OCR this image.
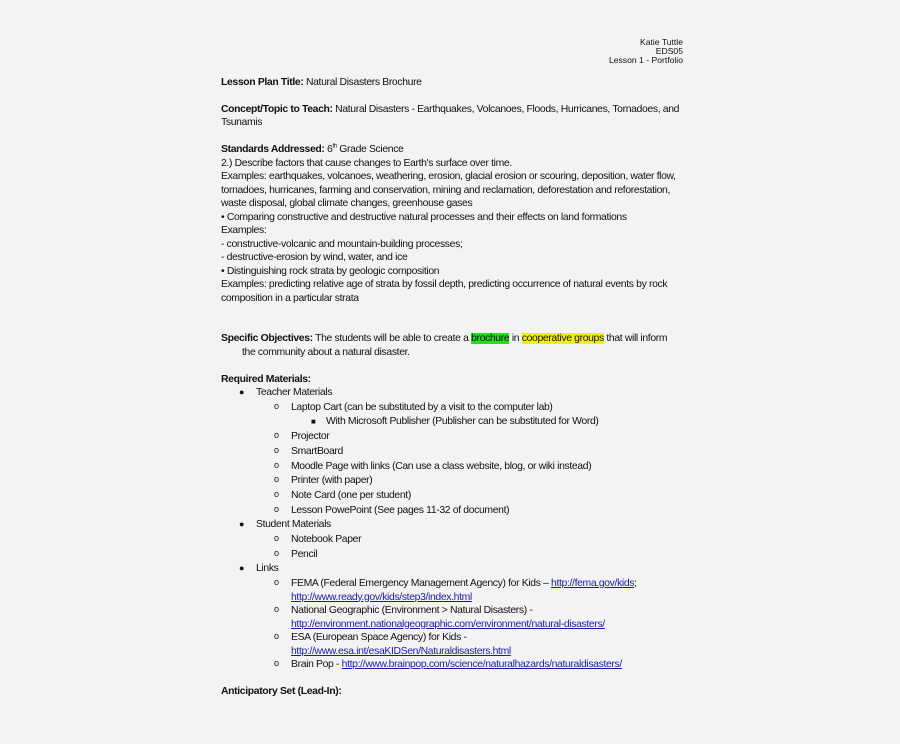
Katie Tuttle
EDS05
Lesson 1 - Portfolio
Lesson Plan Title: Natural Disasters Brochure
Concept/Topic to Teach: Natural Disasters - Earthquakes, Volcanoes, Floods, Hurricanes, Tornadoes, and Tsunamis
Standards Addressed: 6th Grade Science
2.) Describe factors that cause changes to Earth's surface over time.
Examples: earthquakes, volcanoes, weathering, erosion, glacial erosion or scouring, deposition, water flow, tornadoes, hurricanes, farming and conservation, mining and reclamation, deforestation and reforestation, waste disposal, global climate changes, greenhouse gases
• Comparing constructive and destructive natural processes and their effects on land formations
Examples:
- constructive-volcanic and mountain-building processes;
- destructive-erosion by wind, water, and ice
• Distinguishing rock strata by geologic composition
Examples: predicting relative age of strata by fossil depth, predicting occurrence of natural events by rock composition in a particular strata
Specific Objectives: The students will be able to create a brochure in cooperative groups that will inform
the community about a natural disaster.
Required Materials:
● Teacher Materials
o Laptop Cart (can be substituted by a visit to the computer lab)
■ With Microsoft Publisher (Publisher can be substituted for Word)
o Projector
o SmartBoard
o Moodle Page with links (Can use a class website, blog, or wiki instead)
o Printer (with paper)
o Note Card (one per student)
o Lesson PowePoint (See pages 11-32 of document)
● Student Materials
o Notebook Paper
o Pencil
● Links
o FEMA (Federal Emergency Management Agency) for Kids – http://fema.gov/kids;
http://www.ready.gov/kids/step3/index.html
o National Geographic (Environment > Natural Disasters) -
http://environment.nationalgeographic.com/environment/natural-disasters/
o ESA (European Space Agency) for Kids -
http://www.esa.int/esaKIDSen/Naturaldisasters.html
o Brain Pop - http://www.brainpop.com/science/naturalhazards/naturaldisasters/
Anticipatory Set (Lead-In):
